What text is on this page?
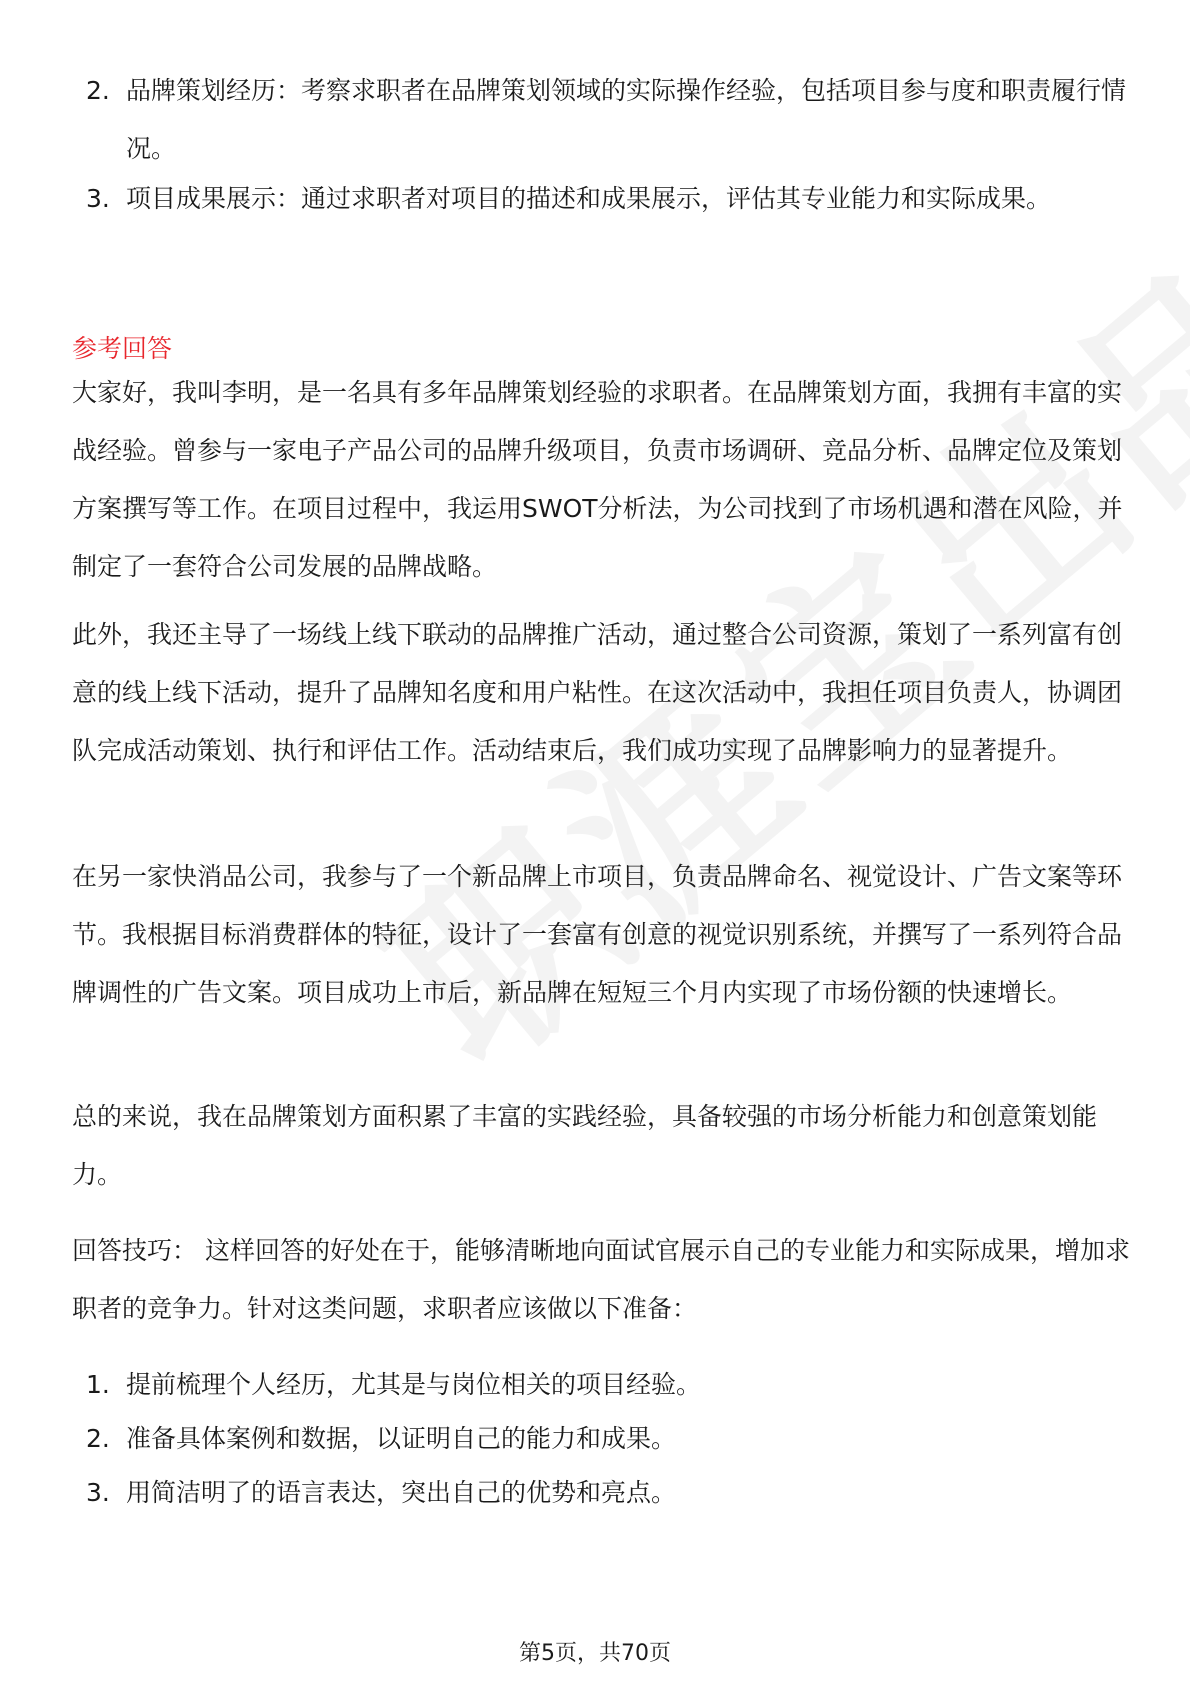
2. 品牌策划经历：考察求职者在品牌策划领域的实际操作经验，包括项目参与度和职责履行情况。

3. 项目成果展示：通过求职者对项目的描述和成果展示，评估其专业能力和实际成果。

参考回答

大家好，我叫李明，是一名具有多年品牌策划经验的求职者。在品牌策划方面，我拥有丰富的实战经验。曾参与一家电子产品公司的品牌升级项目，负责市场调研、竞品分析、品牌定位及策划方案撰写等工作。在项目过程中，我运用SWOT分析法，为公司找到了市场机遇和潜在风险，并制定了一套符合公司发展的品牌战略。

此外，我还主导了一场线上线下联动的品牌推广活动，通过整合公司资源，策划了一系列富有创意的线上线下活动，提升了品牌知名度和用户粘性。在这次活动中，我担任项目负责人，协调团队完成活动策划、执行和评估工作。活动结束后，我们成功实现了品牌影响力的显著提升。

在另一家快消品公司，我参与了一个新品牌上市项目，负责品牌命名、视觉设计、广告文案等环节。我根据目标消费群体的特征，设计了一套富有创意的视觉识别系统，并撰写了一系列符合品牌调性的广告文案。项目成功上市后，新品牌在短短三个月内实现了市场份额的快速增长。

总的来说，我在品牌策划方面积累了丰富的实践经验，具备较强的市场分析能力和创意策划能力。

回答技巧： 这样回答的好处在于，能够清晰地向面试官展示自己的专业能力和实际成果，增加求职者的竞争力。针对这类问题，求职者应该做以下准备：

1. 提前梳理个人经历，尤其是与岗位相关的项目经验。

2. 准备具体案例和数据，以证明自己的能力和成果。

3. 用简洁明了的语言表达，突出自己的优势和亮点。

第5页，共70页
